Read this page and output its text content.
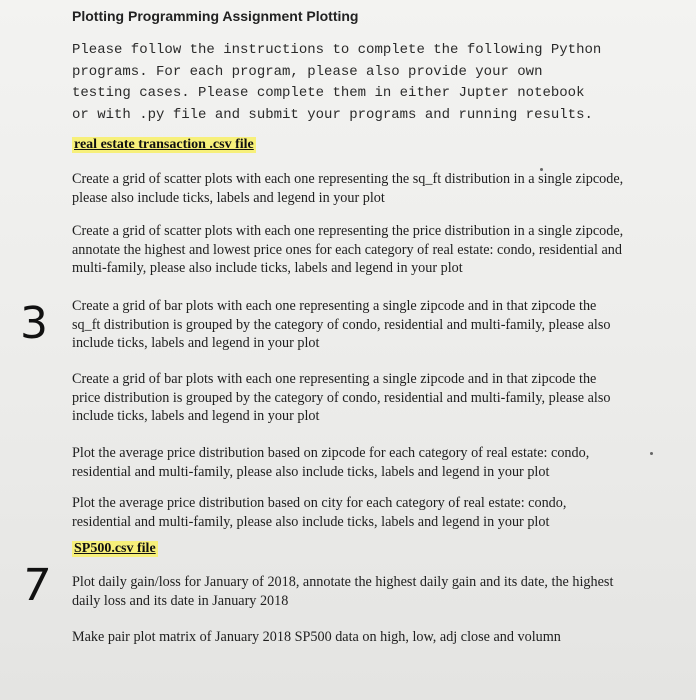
Plotting Programming Assignment Plotting
Please follow the instructions to complete the following Python
programs. For each program, please also provide your own
testing cases. Please complete them in either Jupter notebook
or with .py file and submit your programs and running results.
real estate transaction .csv file
Create a grid of scatter plots with each one representing the sq_ft distribution in a single zipcode,
please also include ticks, labels and legend in your plot
Create a grid of scatter plots with each one representing the price distribution in a single zipcode,
annotate the highest and lowest price ones for each category of real estate: condo, residential and
multi-family, please also include ticks, labels and legend in your plot
Create a grid of bar plots with each one representing a single zipcode and in that zipcode the
sq_ft distribution is grouped by the category of condo, residential and multi-family, please also
include ticks, labels and legend in your plot
Create a grid of bar plots with each one representing a single zipcode and in that zipcode the
price distribution is grouped by the category of condo, residential and multi-family, please also
include ticks, labels and legend in your plot
Plot the average price distribution based on zipcode for each category of real estate: condo,
residential and multi-family, please also include ticks, labels and legend in your plot
Plot the average price distribution based on city for each category of real estate: condo,
residential and multi-family, please also include ticks, labels and legend in your plot
SP500.csv file
Plot daily gain/loss for January of 2018, annotate the highest daily gain and its date, the highest
daily loss and its date in January 2018
Make pair plot matrix of January 2018 SP500 data on high, low, adj close and volumn
3
7
